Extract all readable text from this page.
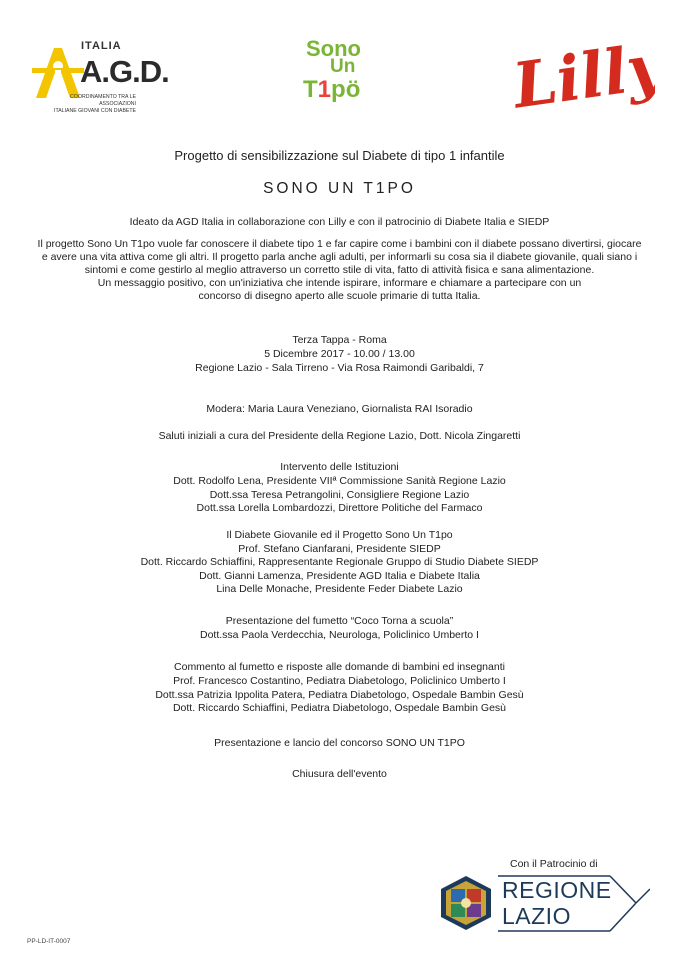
ITALIA
A.G.D.
COORDINAMENTO TRA LE ASSOCIAZIONI
ITALIANE GIOVANI CON DIABETE
Sono
Un
T1pö Lilly
Progetto di sensibilizzazione sul Diabete di tipo 1 infantile
SONO UN T1PO
Ideato da AGD Italia in collaborazione con Lilly e con il patrocinio di Diabete Italia e SIEDP

Il progetto Sono Un T1po vuole far conoscere il diabete tipo 1 e far capire come i bambini con il diabete possano divertirsi, giocare

e avere una vita attiva come gli altri. Il progetto parla anche agli adulti, per informarli su cosa sia il diabete giovanile, quali siano i

sintomi e come gestirlo al meglio attraverso un corretto stile di vita, fatto di attività fisica e sana alimentazione.

Un messaggio positivo, con un'iniziativa che intende ispirare, informare e chiamare a partecipare con un

concorso di disegno aperto alle scuole primarie di tutta Italia.

Terza Tappa - Roma
5 Dicembre 2017 - 10.00 / 13.00
Regione Lazio - Sala Tirreno - Via Rosa Raimondi Garibaldi, 7
Modera: Maria Laura Veneziano, Giornalista RAI Isoradio
Saluti iniziali a cura del Presidente della Regione Lazio, Dott. Nicola Zingaretti
Intervento delle Istituzioni
Dott. Rodolfo Lena, Presidente VIIª Commissione Sanità Regione Lazio
Dott.ssa Teresa Petrangolini, Consigliere Regione Lazio
Dott.ssa Lorella Lombardozzi, Direttore Politiche del Farmaco
Il Diabete Giovanile ed il Progetto Sono Un T1po
Prof. Stefano Cianfarani, Presidente SIEDP
Dott. Riccardo Schiaffini, Rappresentante Regionale Gruppo di Studio Diabete SIEDP
Dott. Gianni Lamenza, Presidente AGD Italia e Diabete Italia
Lina Delle Monache, Presidente Feder Diabete Lazio
Presentazione del fumetto “Coco Torna a scuola”
Dott.ssa Paola Verdecchia, Neurologa, Policlinico Umberto I
Commento al fumetto e risposte alle domande di bambini ed insegnanti
Prof. Francesco Costantino, Pediatra Diabetologo, Policlinico Umberto I
Dott.ssa Patrizia Ippolita Patera, Pediatra Diabetologo, Ospedale Bambin Gesù
Dott. Riccardo Schiaffini, Pediatra Diabetologo, Ospedale Bambin Gesù
Presentazione e lancio del concorso SONO UN T1PO
Chiusura dell'evento
Con il Patrocinio di
REGIONE
LAZIO
PP-LD-IT-0007
